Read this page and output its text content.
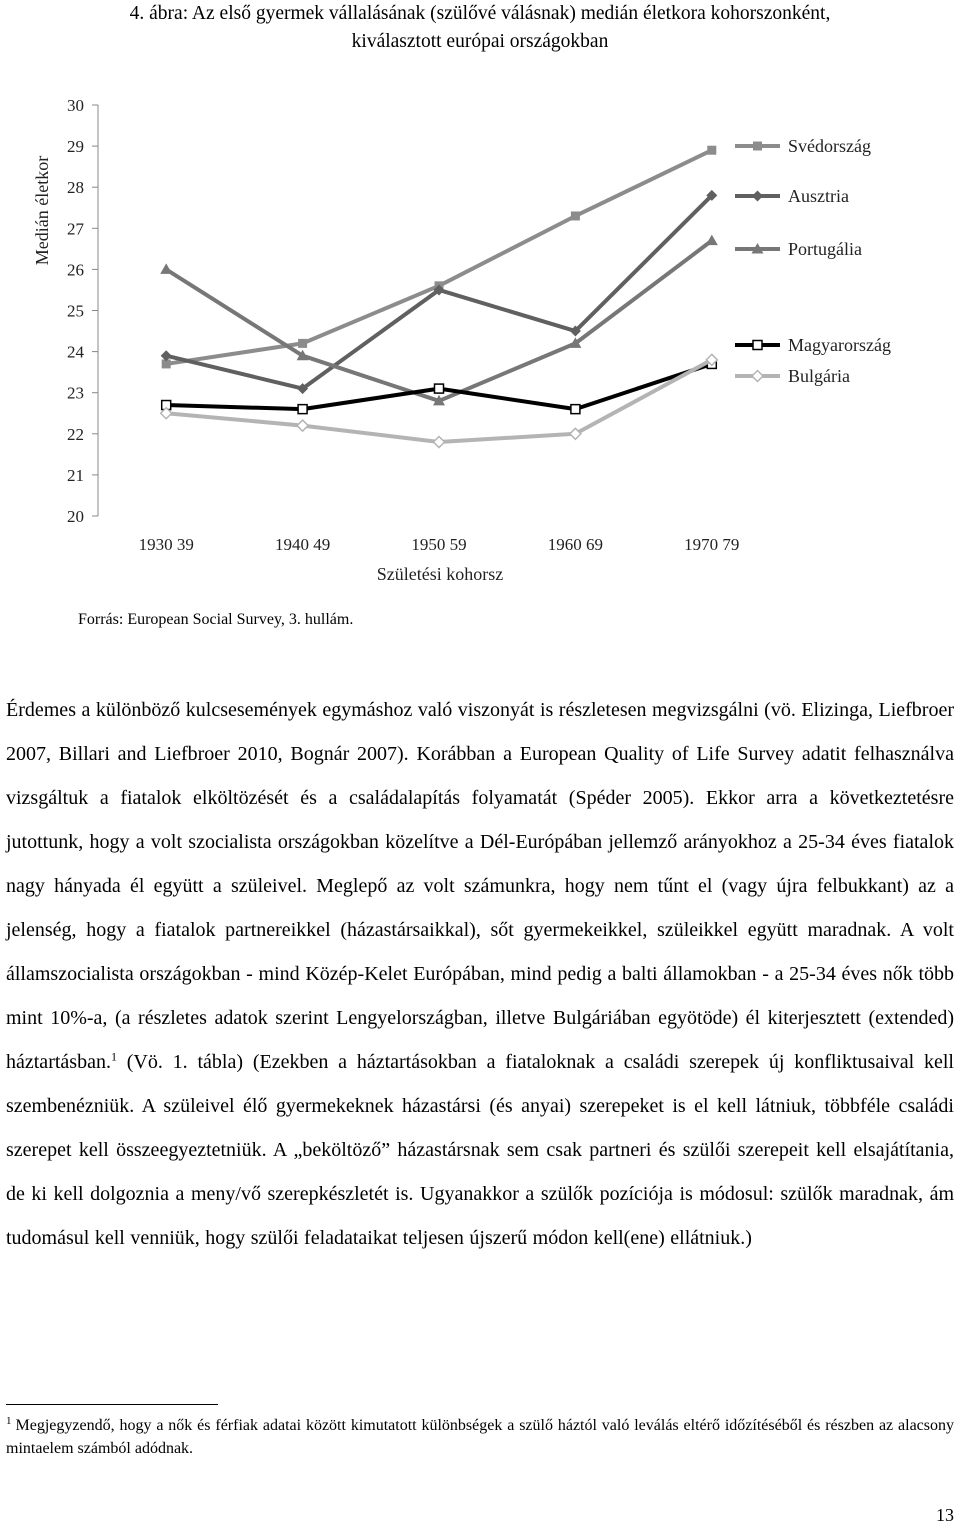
4. ábra: Az első gyermek vállalásának (szülővé válásnak) medián életkora kohorszonként,
kiválasztott európai országokban
20
21
22
23
24
25
26
27
28
29
30
Medián életkor
1930 39	1940 49	1950 59	1960 69	1970 79
Születési kohorsz
Svédország
Ausztria
Portugália
Magyarország
Bulgária
Forrás: European Social Survey, 3. hullám.
Érdemes a különböző kulcsesemények egymáshoz való viszonyát is részletesen megvizsgálni (vö. Elizinga, Liefbroer 2007, Billari and Liefbroer 2010, Bognár 2007). Korábban a European Quality of Life Survey adatit felhasználva vizsgáltuk a fiatalok elköltözését és a családalapítás folyamatát (Spéder 2005). Ekkor arra a következtetésre jutottunk, hogy a volt szocialista országokban közelítve a Dél-Európában jellemző arányokhoz a 25-34 éves fiatalok nagy hányada él együtt a szüleivel. Meglepő az volt számunkra, hogy nem tűnt el (vagy újra felbukkant) az a jelenség, hogy a fiatalok partnereikkel (házastársaikkal), sőt gyermekeikkel, szüleikkel együtt maradnak. A volt államszocialista országokban - mind Közép-Kelet Európában, mind pedig a balti államokban - a 25-34 éves nők több mint 10%-a, (a részletes adatok szerint Lengyelországban, illetve Bulgáriában egyötöde) él kiterjesztett (extended) háztartásban.$^1$ (Vö. 1. tábla) (Ezekben a háztartásokban a fiataloknak a családi szerepek új konfliktusaival kell szembenézniük. A szüleivel élő gyermekeknek házastársi (és anyai) szerepeket is el kell látniuk, többféle családi szerepet kell összeegyeztetniük. A „beköltöző” házastársnak sem csak partneri és szülői szerepeit kell elsajátítania, de ki kell dolgoznia a meny/vő szerepkészletét is. Ugyanakkor a szülők pozíciója is módosul: szülők maradnak, ám tudomásul kell venniük, hogy szülői feladataikat teljesen újszerű módon kell(ene) ellátniuk.)
$^1$ Megjegyzendő, hogy a nők és férfiak adatai között kimutatott különbségek a szülő háztól való leválás eltérő időzítéséből és részben az alacsony mintaelem számból adódnak.
13
